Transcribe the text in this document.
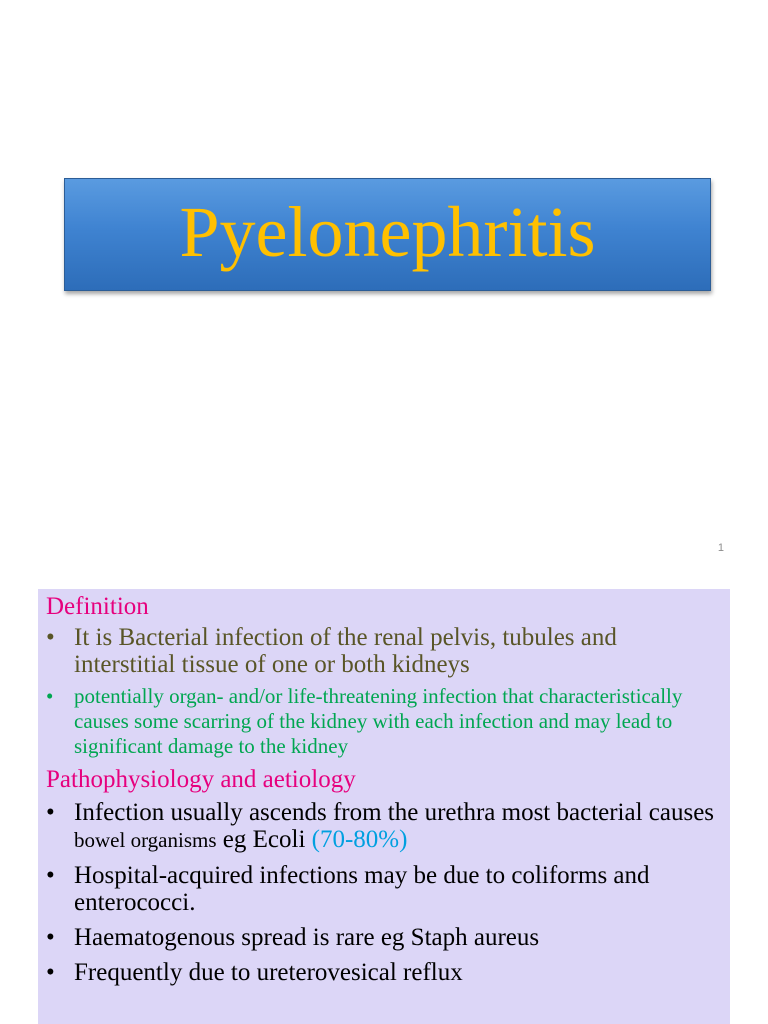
Pyelonephritis
1

Definition

• It is Bacterial infection of the renal pelvis, tubules and interstitial tissue of one or both kidneys
• potentially organ- and/or life-threatening infection that characteristically causes some scarring of the kidney with each infection and may lead to significant damage to the kidney

Pathophysiology and aetiology

• Infection usually ascends from the urethra most bacterial causes bowel organisms eg Ecoli (70-80%)
• Hospital-acquired infections may be due to coliforms and enterococci.
• Haematogenous spread is rare eg Staph aureus
• Frequently due to ureterovesical reflux
